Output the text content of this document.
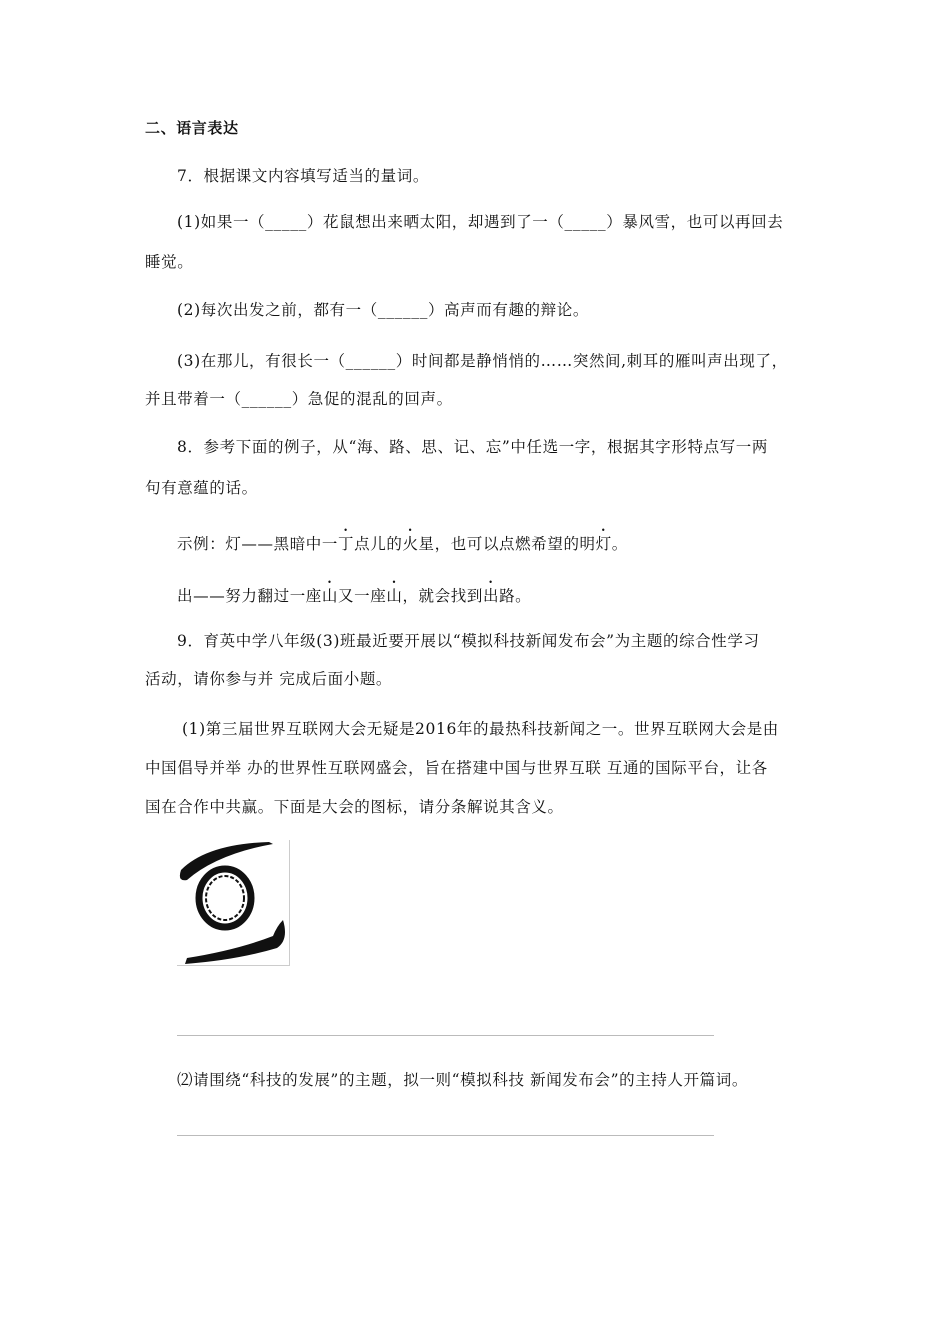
二、语言表达
7．根据课文内容填写适当的量词。
(1)如果一（_____）花鼠想出来晒太阳，却遇到了一（_____）暴风雪，也可以再回去
睡觉。
(2)每次出发之前，都有一（______）高声而有趣的辩论。
(3)在那儿，有很长一（______）时间都是静悄悄的……突然间,刺耳的雁叫声出现了，
并且带着一（______）急促的混乱的回声。
8．参考下面的例子，从“海、路、思、记、忘”中任选一字，根据其字形特点写一两
句有意蕴的话。
示例：灯——黑暗中一丁点儿的火星，也可以点燃希望的明灯。
出——努力翻过一座山又一座山，就会找到出路。
9．育英中学八年级(3)班最近要开展以“模拟科技新闻发布会”为主题的综合性学习
活动，请你参与并 完成后面小题。
(1)第三届世界互联网大会无疑是2016年的最热科技新闻之一。世界互联网大会是由
中国倡导并举 办的世界性互联网盛会，旨在搭建中国与世界互联 互通的国际平台，让各
国在合作中共赢。下面是大会的图标，请分条解说其含义。
⑵请围绕“科技的发展”的主题，拟一则“模拟科技 新闻发布会”的主持人开篇词。
